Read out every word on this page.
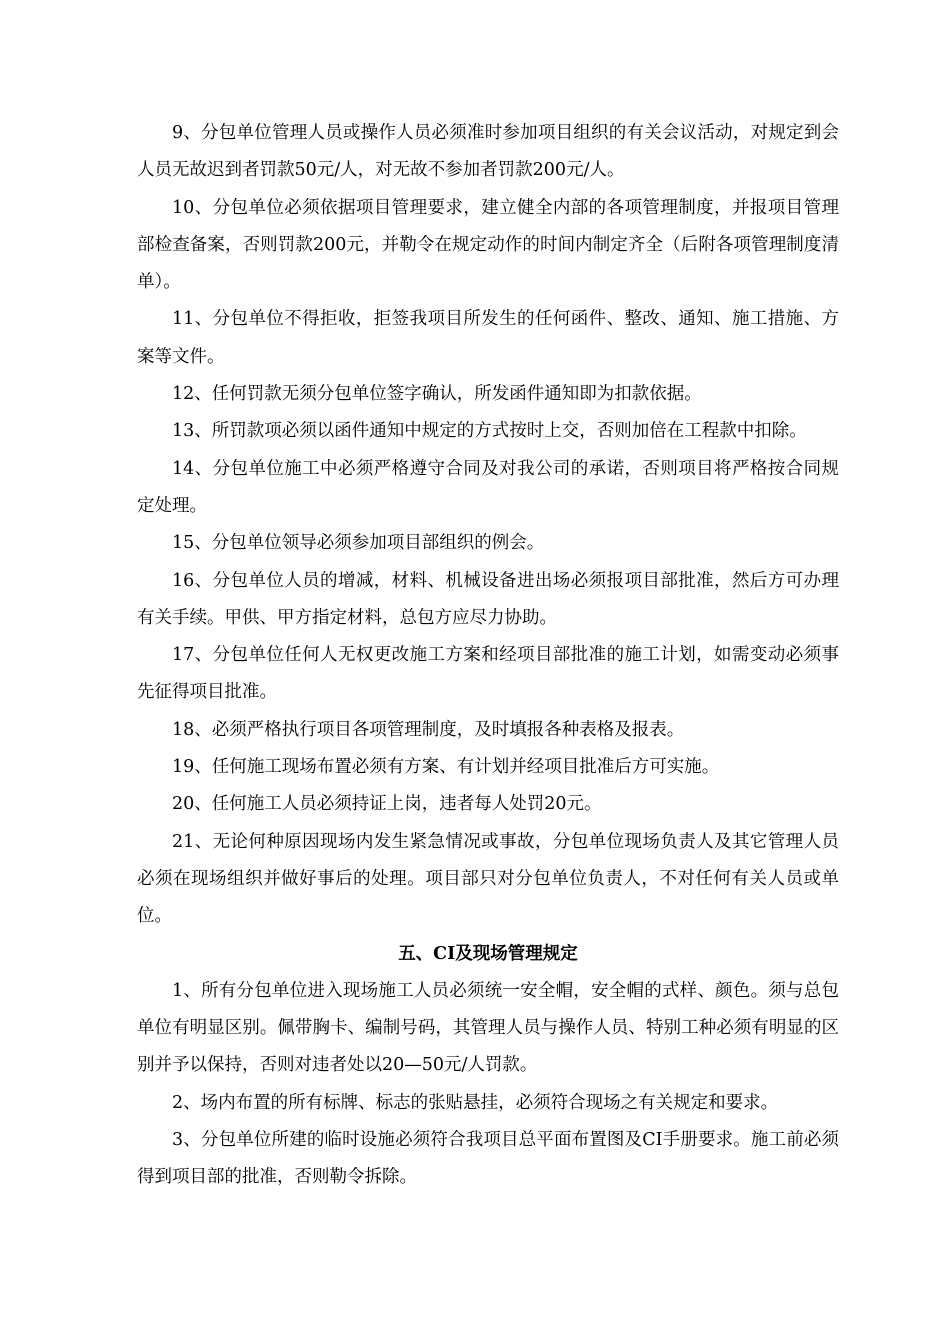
9、分包单位管理人员或操作人员必须准时参加项目组织的有关会议活动，对规定到会人员无故迟到者罚款50元/人，对无故不参加者罚款200元/人。

10、分包单位必须依据项目管理要求，建立健全内部的各项管理制度，并报项目管理部检查备案，否则罚款200元，并勒令在规定动作的时间内制定齐全（后附各项管理制度清单）。

11、分包单位不得拒收，拒签我项目所发生的任何函件、整改、通知、施工措施、方案等文件。

12、任何罚款无须分包单位签字确认，所发函件通知即为扣款依据。

13、所罚款项必须以函件通知中规定的方式按时上交，否则加倍在工程款中扣除。

14、分包单位施工中必须严格遵守合同及对我公司的承诺，否则项目将严格按合同规定处理。

15、分包单位领导必须参加项目部组织的例会。

16、分包单位人员的增减，材料、机械设备进出场必须报项目部批准，然后方可办理有关手续。甲供、甲方指定材料，总包方应尽力协助。

17、分包单位任何人无权更改施工方案和经项目部批准的施工计划，如需变动必须事先征得项目批准。

18、必须严格执行项目各项管理制度，及时填报各种表格及报表。

19、任何施工现场布置必须有方案、有计划并经项目批准后方可实施。

20、任何施工人员必须持证上岗，违者每人处罚20元。

21、无论何种原因现场内发生紧急情况或事故，分包单位现场负责人及其它管理人员必须在现场组织并做好事后的处理。项目部只对分包单位负责人，不对任何有关人员或单位。

五、CI及现场管理规定

1、所有分包单位进入现场施工人员必须统一安全帽，安全帽的式样、颜色。须与总包单位有明显区别。佩带胸卡、编制号码，其管理人员与操作人员、特别工种必须有明显的区别并予以保持，否则对违者处以20—50元/人罚款。

2、场内布置的所有标牌、标志的张贴悬挂，必须符合现场之有关规定和要求。

3、分包单位所建的临时设施必须符合我项目总平面布置图及CI手册要求。施工前必须得到项目部的批准，否则勒令拆除。
